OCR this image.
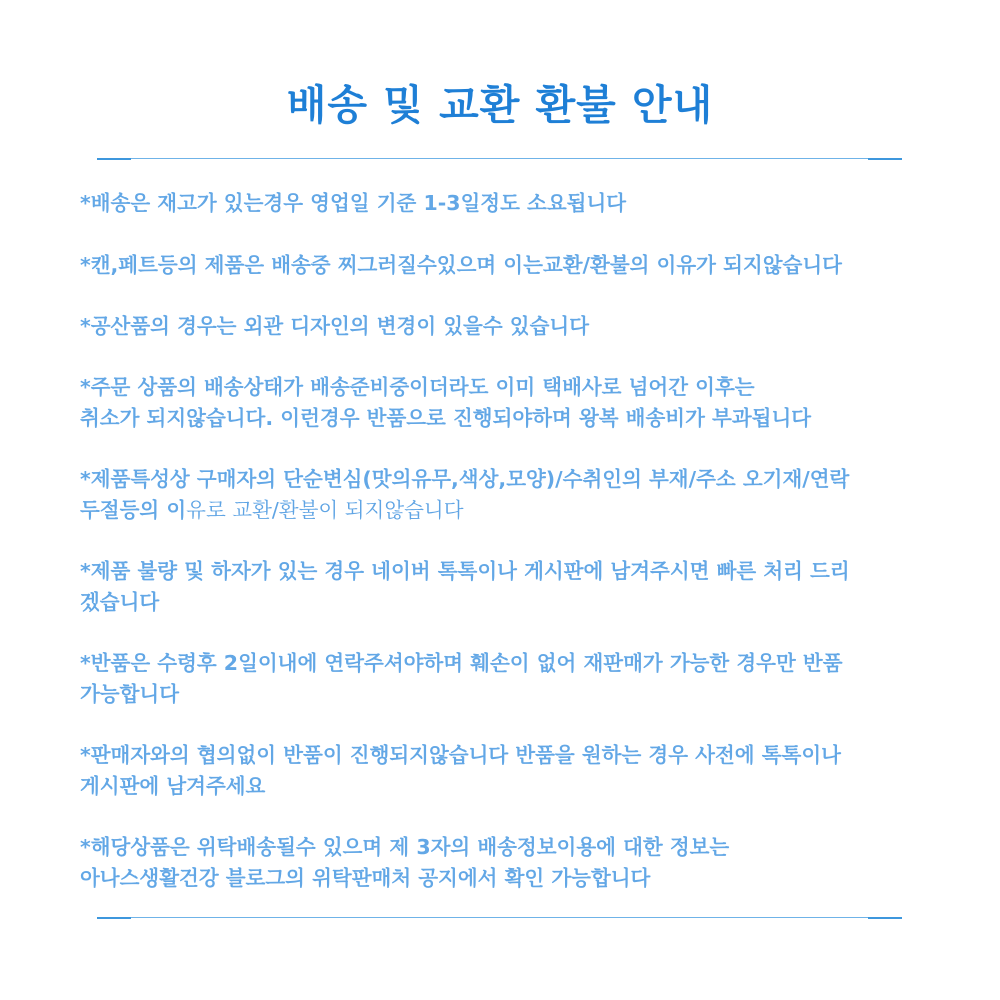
배송 및 교환 환불 안내
*배송은 재고가 있는경우 영업일 기준 1-3일정도 소요됩니다
*캔,페트등의 제품은 배송중 찌그러질수있으며 이는교환/환불의 이유가 되지않습니다
*공산품의 경우는 외관 디자인의 변경이 있을수 있습니다
*주문 상품의 배송상태가 배송준비중이더라도 이미 택배사로 넘어간 이후는
취소가 되지않습니다. 이런경우 반품으로 진행되야하며 왕복 배송비가 부과됩니다
*제품특성상 구매자의 단순변심(맛의유무,색상,모양)/수취인의 부재/주소 오기재/연락
두절등의 이유로 교환/환불이 되지않습니다
*제품 불량 및 하자가 있는 경우 네이버 톡톡이나 게시판에 남겨주시면 빠른 처리 드리
겠습니다
*반품은 수령후 2일이내에 연락주셔야하며 훼손이 없어 재판매가 가능한 경우만 반품
가능합니다
*판매자와의 협의없이 반품이 진행되지않습니다 반품을 원하는 경우 사전에 톡톡이나
게시판에 남겨주세요
*해당상품은 위탁배송될수 있으며 제 3자의 배송정보이용에 대한 정보는
아나스생활건강 블로그의 위탁판매처 공지에서 확인 가능합니다
